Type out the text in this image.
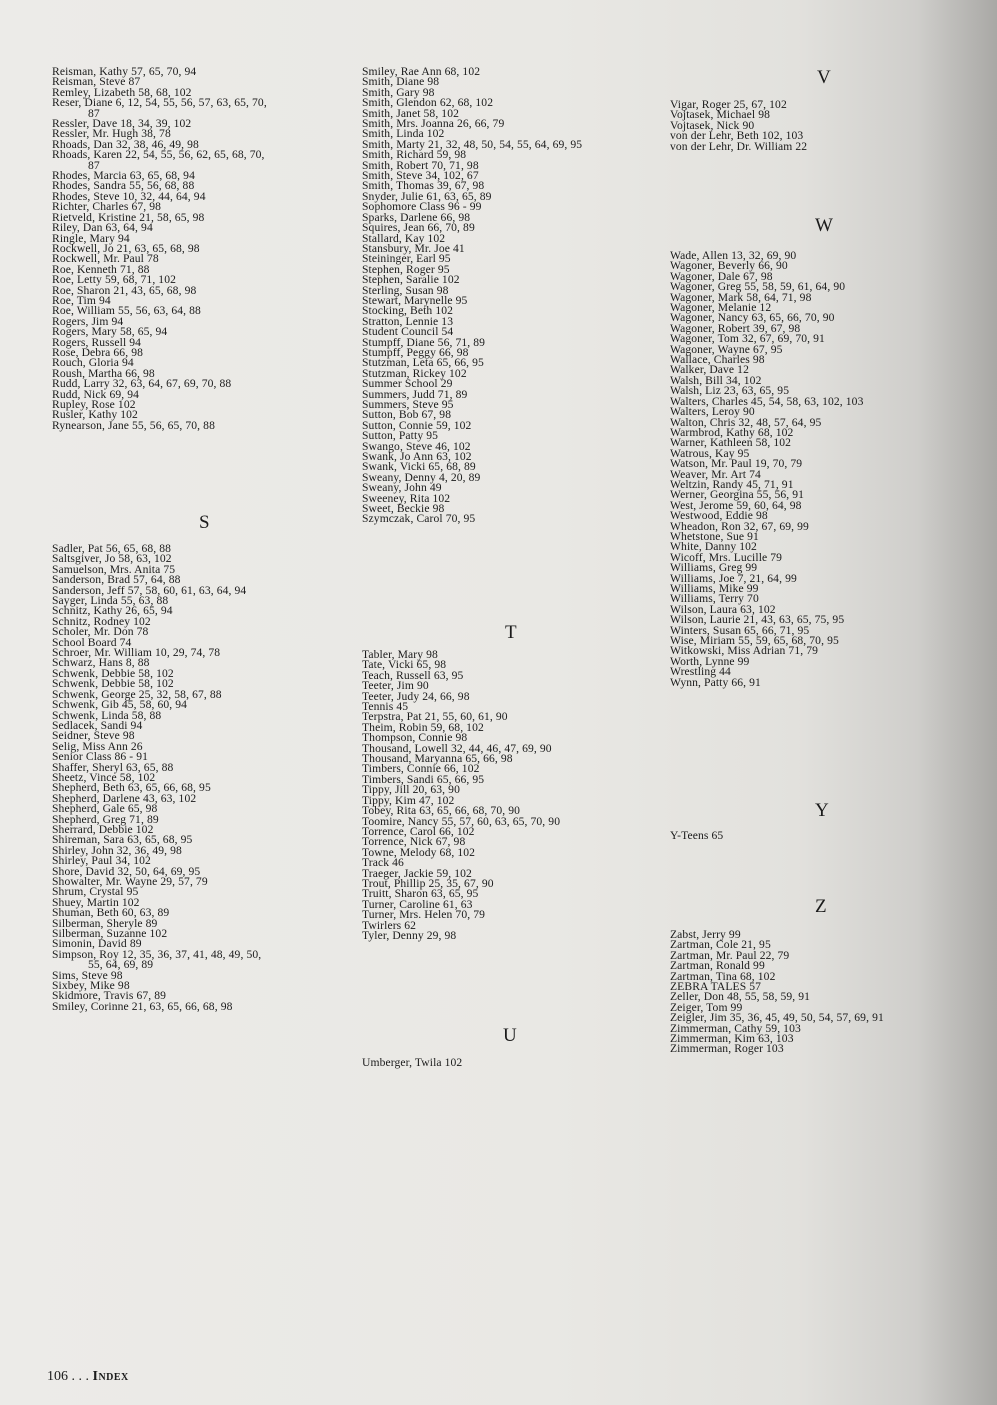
Reisman, Kathy 57, 65, 70, 94
Reisman, Steve 87
Remley, Lizabeth 58, 68, 102
Reser, Diane 6, 12, 54, 55, 56, 57, 63, 65, 70,
87
Ressler, Dave 18, 34, 39, 102
Ressler, Mr. Hugh 38, 78
Rhoads, Dan 32, 38, 46, 49, 98
Rhoads, Karen 22, 54, 55, 56, 62, 65, 68, 70,
87
Rhodes, Marcia 63, 65, 68, 94
Rhodes, Sandra 55, 56, 68, 88
Rhodes, Steve 10, 32, 44, 64, 94
Richter, Charles 67, 98
Rietveld, Kristine 21, 58, 65, 98
Riley, Dan 63, 64, 94
Ringle, Mary 94
Rockwell, Jo 21, 63, 65, 68, 98
Rockwell, Mr. Paul 78
Roe, Kenneth 71, 88
Roe, Letty 59, 68, 71, 102
Roe, Sharon 21, 43, 65, 68, 98
Roe, Tim 94
Roe, William 55, 56, 63, 64, 88
Rogers, Jim 94
Rogers, Mary 58, 65, 94
Rogers, Russell 94
Rose, Debra 66, 98
Rouch, Gloria 94
Roush, Martha 66, 98
Rudd, Larry 32, 63, 64, 67, 69, 70, 88
Rudd, Nick 69, 94
Rupley, Rose 102
Rusler, Kathy 102
Rynearson, Jane 55, 56, 65, 70, 88
S
Sadler, Pat 56, 65, 68, 88
Saltsgiver, Jo 58, 63, 102
Samuelson, Mrs. Anita 75
Sanderson, Brad 57, 64, 88
Sanderson, Jeff 57, 58, 60, 61, 63, 64, 94
Sayger, Linda 55, 63, 88
Schnitz, Kathy 26, 65, 94
Schnitz, Rodney 102
Scholer, Mr. Don 78
School Board 74
Schroer, Mr. William 10, 29, 74, 78
Schwarz, Hans 8, 88
Schwenk, Debbie 58, 102
Schwenk, Debbie 58, 102
Schwenk, George 25, 32, 58, 67, 88
Schwenk, Gib 45, 58, 60, 94
Schwenk, Linda 58, 88
Sedlacek, Sandi 94
Seidner, Steve 98
Selig, Miss Ann 26
Senior Class 86 - 91
Shaffer, Sheryl 63, 65, 88
Sheetz, Vince 58, 102
Shepherd, Beth 63, 65, 66, 68, 95
Shepherd, Darlene 43, 63, 102
Shepherd, Gale 65, 98
Shepherd, Greg 71, 89
Sherrard, Debbie 102
Shireman, Sara 63, 65, 68, 95
Shirley, John 32, 36, 49, 98
Shirley, Paul 34, 102
Shore, David 32, 50, 64, 69, 95
Showalter, Mr. Wayne 29, 57, 79
Shrum, Crystal 95
Shuey, Martin 102
Shuman, Beth 60, 63, 89
Silberman, Sheryle 89
Silberman, Suzanne 102
Simonin, David 89
Simpson, Roy 12, 35, 36, 37, 41, 48, 49, 50,
55, 64, 69, 89
Sims, Steve 98
Sixbey, Mike 98
Skidmore, Travis 67, 89
Smiley, Corinne 21, 63, 65, 66, 68, 98
Smiley, Rae Ann 68, 102
Smith, Diane 98
Smith, Gary 98
Smith, Glendon 62, 68, 102
Smith, Janet 58, 102
Smith, Mrs. Joanna 26, 66, 79
Smith, Linda 102
Smith, Marty 21, 32, 48, 50, 54, 55, 64, 69, 95
Smith, Richard 59, 98
Smith, Robert 70, 71, 98
Smith, Steve 34, 102, 67
Smith, Thomas 39, 67, 98
Snyder, Julie 61, 63, 65, 89
Sophomore Class 96 - 99
Sparks, Darlene 66, 98
Squires, Jean 66, 70, 89
Stallard, Kay 102
Stansbury, Mr. Joe 41
Steininger, Earl 95
Stephen, Roger 95
Stephen, Saralie 102
Sterling, Susan 98
Stewart, Marynelle 95
Stocking, Beth 102
Stratton, Lennie 13
Student Council 54
Stumpff, Diane 56, 71, 89
Stumpff, Peggy 66, 98
Stutzman, Leta 65, 66, 95
Stutzman, Rickey 102
Summer School 29
Summers, Judd 71, 89
Summers, Steve 95
Sutton, Bob 67, 98
Sutton, Connie 59, 102
Sutton, Patty 95
Swango, Steve 46, 102
Swank, Jo Ann 63, 102
Swank, Vicki 65, 68, 89
Sweany, Denny 4, 20, 89
Sweany, John 49
Sweeney, Rita 102
Sweet, Beckie 98
Szymczak, Carol 70, 95
T
Tabler, Mary 98
Tate, Vicki 65, 98
Teach, Russell 63, 95
Teeter, Jim 90
Teeter, Judy 24, 66, 98
Tennis 45
Terpstra, Pat 21, 55, 60, 61, 90
Theim, Robin 59, 68, 102
Thompson, Connie 98
Thousand, Lowell 32, 44, 46, 47, 69, 90
Thousand, Maryanna 65, 66, 98
Timbers, Connie 66, 102
Timbers, Sandi 65, 66, 95
Tippy, Jill 20, 63, 90
Tippy, Kim 47, 102
Tobey, Rita 63, 65, 66, 68, 70, 90
Toomire, Nancy 55, 57, 60, 63, 65, 70, 90
Torrence, Carol 66, 102
Torrence, Nick 67, 98
Towne, Melody 68, 102
Track 46
Traeger, Jackie 59, 102
Trout, Phillip 25, 35, 67, 90
Truitt, Sharon 63, 65, 95
Turner, Caroline 61, 63
Turner, Mrs. Helen 70, 79
Twirlers 62
Tyler, Denny 29, 98
U
Umberger, Twila 102
V
Vigar, Roger 25, 67, 102
Vojtasek, Michael 98
Vojtasek, Nick 90
von der Lehr, Beth 102, 103
von der Lehr, Dr. William 22
W
Wade, Allen 13, 32, 69, 90
Wagoner, Beverly 66, 90
Wagoner, Dale 67, 98
Wagoner, Greg 55, 58, 59, 61, 64, 90
Wagoner, Mark 58, 64, 71, 98
Wagoner, Melanie 12
Wagoner, Nancy 63, 65, 66, 70, 90
Wagoner, Robert 39, 67, 98
Wagoner, Tom 32, 67, 69, 70, 91
Wagoner, Wayne 67, 95
Wallace, Charles 98
Walker, Dave 12
Walsh, Bill 34, 102
Walsh, Liz 23, 63, 65, 95
Walters, Charles 45, 54, 58, 63, 102, 103
Walters, Leroy 90
Walton, Chris 32, 48, 57, 64, 95
Warmbrod, Kathy 68, 102
Warner, Kathleen 58, 102
Watrous, Kay 95
Watson, Mr. Paul 19, 70, 79
Weaver, Mr. Art 74
Weltzin, Randy 45, 71, 91
Werner, Georgina 55, 56, 91
West, Jerome 59, 60, 64, 98
Westwood, Eddie 98
Wheadon, Ron 32, 67, 69, 99
Whetstone, Sue 91
White, Danny 102
Wicoff, Mrs. Lucille 79
Williams, Greg 99
Williams, Joe 7, 21, 64, 99
Williams, Mike 99
Williams, Terry 70
Wilson, Laura 63, 102
Wilson, Laurie 21, 43, 63, 65, 75, 95
Winters, Susan 65, 66, 71, 95
Wise, Miriam 55, 59, 65, 68, 70, 95
Witkowski, Miss Adrian 71, 79
Worth, Lynne 99
Wrestling 44
Wynn, Patty 66, 91
Y
Y-Teens 65
Z
Zabst, Jerry 99
Zartman, Cole 21, 95
Zartman, Mr. Paul 22, 79
Zartman, Ronald 99
Zartman, Tina 68, 102
ZEBRA TALES 57
Zeller, Don 48, 55, 58, 59, 91
Zeiger, Tom 99
Zeigler, Jim 35, 36, 45, 49, 50, 54, 57, 69, 91
Zimmerman, Cathy 59, 103
Zimmerman, Kim 63, 103
Zimmerman, Roger 103
106 . . . Index
